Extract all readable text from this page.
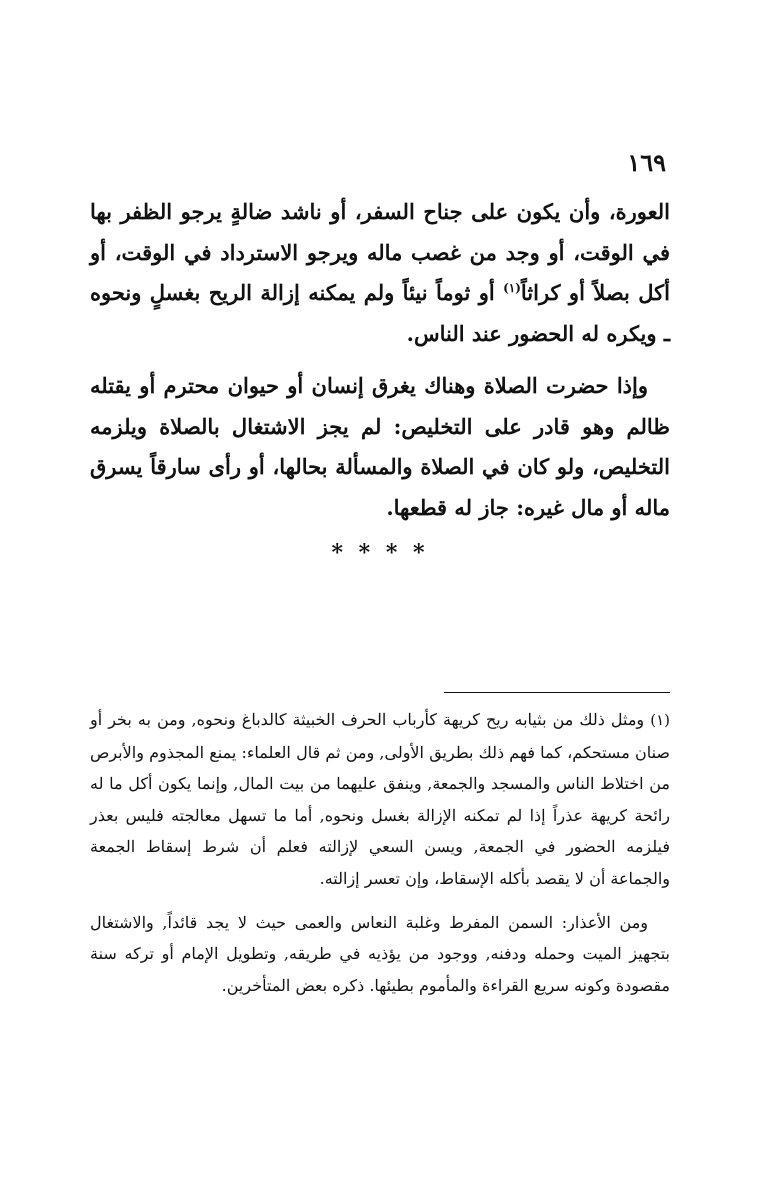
١٦٩

العورة، وأن يكون على جناح السفر، أو ناشد ضالةٍ يرجو الظفر بها في الوقت، أو وجد من غصب ماله ويرجو الاسترداد في الوقت، أو أكل بصلاً أو كراثاً$^{(١)}$ أو ثوماً نيئاً ولم يمكنه إزالة الريح بغسلٍ ونحوه ـ ويكره له الحضور عند الناس.

وإذا حضرت الصلاة وهناك يغرق إنسان أو حيوان محترم أو يقتله ظالم وهو قادر على التخليص: لم يجز الاشتغال بالصلاة ويلزمه التخليص، ولو كان في الصلاة والمسألة بحالها، أو رأى سارقاً يسرق ماله أو مال غيره: جاز له قطعها.

* * * *

(١) ومثل ذلك من بثيابه ريح كريهة كأرباب الحرف الخبيثة كالدباغ ونحوه, ومن به بخر أو صنان مستحكم، كما فهم ذلك بطريق الأولى, ومن ثم قال العلماء: يمنع المجذوم والأبرص من اختلاط الناس والمسجد والجمعة, وينفق عليهما من بيت المال, وإنما يكون أكل ما له رائحة كريهة عذراً إذا لم تمكنه الإزالة بغسل ونحوه, أما ما تسهل معالجته فليس بعذر فيلزمه الحضور في الجمعة, ويسن السعي لإزالته فعلم أن شرط إسقاط الجمعة والجماعة أن لا يقصد بأكله الإسقاط، وإن تعسر إزالته.

ومن الأعذار: السمن المفرط وغلبة النعاس والعمى حيث لا يجد قائداً, والاشتغال بتجهيز الميت وحمله ودفنه, ووجود من يؤذيه في طريقه, وتطويل الإمام أو تركه سنة مقصودة وكونه سريع القراءة والمأموم بطيئها. ذكره بعض المتأخرين.
